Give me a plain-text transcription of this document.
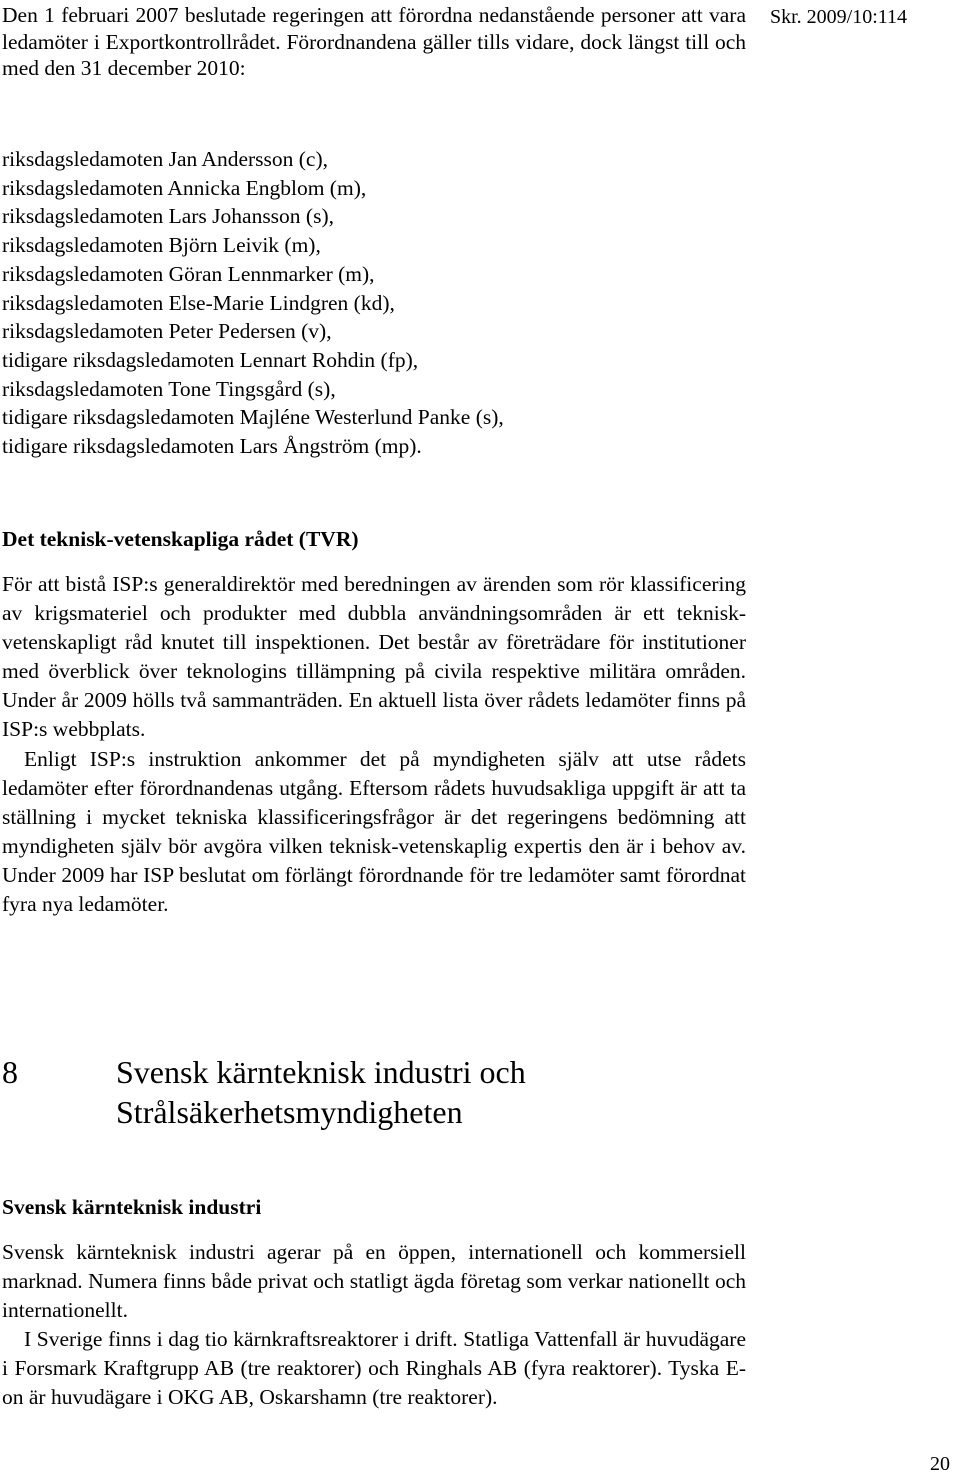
Skr. 2009/10:114

Den 1 februari 2007 beslutade regeringen att förordna nedanstående personer att vara ledamöter i Exportkontrollrådet. Förordnandena gäller tills vidare, dock längst till och med den 31 december 2010:

riksdagsledamoten Jan Andersson (c),
riksdagsledamoten Annicka Engblom (m),
riksdagsledamoten Lars Johansson (s),
riksdagsledamoten Björn Leivik (m),
riksdagsledamoten Göran Lennmarker (m),
riksdagsledamoten Else-Marie Lindgren (kd),
riksdagsledamoten Peter Pedersen (v),
tidigare riksdagsledamoten Lennart Rohdin (fp),
riksdagsledamoten Tone Tingsgård (s),
tidigare riksdagsledamoten Majléne Westerlund Panke (s),
tidigare riksdagsledamoten Lars Ångström (mp).
Det teknisk-vetenskapliga rådet (TVR)

För att bistå ISP:s generaldirektör med beredningen av ärenden som rör klassificering av krigsmateriel och produkter med dubbla användningsområden är ett teknisk-vetenskapligt råd knutet till inspektionen. Det består av företrädare för institutioner med överblick över teknologins tillämpning på civila respektive militära områden. Under år 2009 hölls två sammanträden. En aktuell lista över rådets ledamöter finns på ISP:s webbplats.

Enligt ISP:s instruktion ankommer det på myndigheten själv att utse rådets ledamöter efter förordnandenas utgång. Eftersom rådets huvudsakliga uppgift är att ta ställning i mycket tekniska klassificeringsfrågor är det regeringens bedömning att myndigheten själv bör avgöra vilken teknisk-vetenskaplig expertis den är i behov av. Under 2009 har ISP beslutat om förlängt förordnande för tre ledamöter samt förordnat fyra nya ledamöter.

8	Svensk kärnteknisk industri och Strålsäkerhetsmyndigheten
Svensk kärnteknisk industri

Svensk kärnteknisk industri agerar på en öppen, internationell och kommersiell marknad. Numera finns både privat och statligt ägda företag som verkar nationellt och internationellt.

I Sverige finns i dag tio kärnkraftsreaktorer i drift. Statliga Vattenfall är huvudägare i Forsmark Kraftgrupp AB (tre reaktorer) och Ringhals AB (fyra reaktorer). Tyska E-on är huvudägare i OKG AB, Oskarshamn (tre reaktorer).

20
